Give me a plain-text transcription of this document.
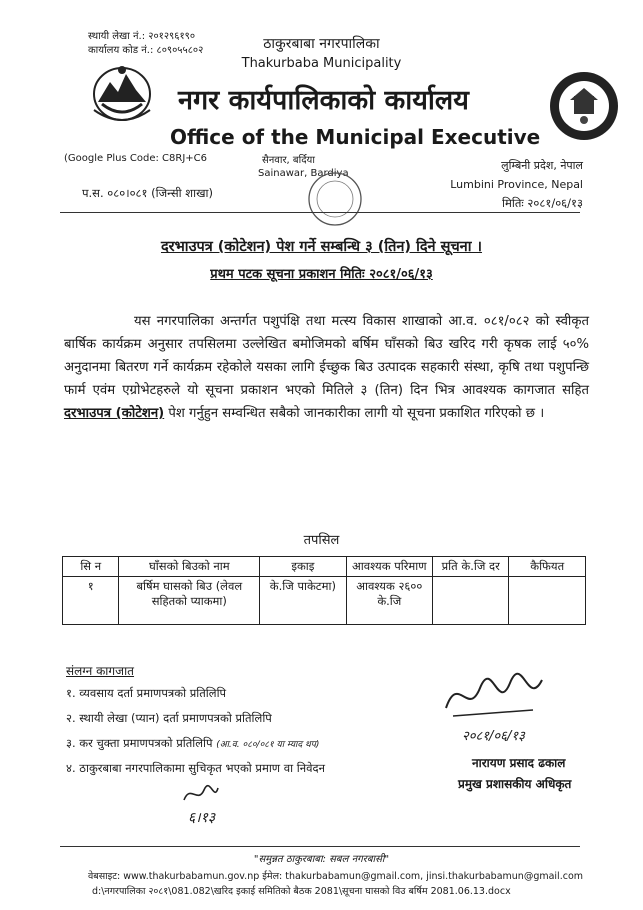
स्थायी लेखा नं.: २०१२९६१९०
कार्यालय कोड नं.: ८०९०५५८०२	ठाकुरबाबा नगरपालिका
Thakurbaba Municipality
नगर कार्यपालिकाको कार्यालय
Office of the Municipal Executive
(Google Plus Code: C8RJ+C6	सैनवार, बर्दिया
Sainawar, Bardiya
लुम्बिनी प्रदेश, नेपाल
Lumbini Province, Nepal
प.स. ०८०।०८१ (जिन्सी शाखा)
मितिः २०८१/०६/१३
दरभाउपत्र (कोटेशन) पेश गर्ने सम्बन्धि ३ (तिन) दिने सूचना ।
प्रथम पटक सूचना प्रकाशन मितिः २०८१/०६/१३
यस नगरपालिका अन्तर्गत पशुपंक्षि तथा मत्स्य विकास शाखाको आ.व. ०८१/०८२ को स्वीकृत बार्षिक कार्यक्रम अनुसार तपसिलमा उल्लेखित बमोजिमको बर्षिम घाँसको बिउ खरिद गरी कृषक लाई ५०% अनुदानमा बितरण गर्ने कार्यक्रम रहेकोले यसका लागि ईच्छुक बिउ उत्पादक सहकारी संस्था, कृषि तथा पशुपन्छि फार्म एवंम एग्रोभेटहरुले यो सूचना प्रकाशन भएको मितिले ३ (तिन) दिन भित्र आवश्यक कागजात सहित दरभाउपत्र (कोटेशन) पेश गर्नुहुन सम्वन्धित सबैको जानकारीका लागी यो सूचना प्रकाशित गरिएको छ ।
तपसिल
सि न	घाँसको बिउको नाम	इकाइ	आवश्यक परिमाण	प्रति के.जि दर	कैफियत
१	बर्षिम घासको बिउ (लेवल सहितको प्याकमा)	के.जि पाकेटमा)	आवश्यक २६०० के.जि		
संलग्न कागजात
१. व्यवसाय दर्ता प्रमाणपत्रको प्रतिलिपि
२. स्थायी लेखा (प्यान) दर्ता प्रमाणपत्रको प्रतिलिपि
३. कर चुक्ता प्रमाणपत्रको प्रतिलिपि (आ.व. ०८०/०८१ या म्याद थप)
४. ठाकुरबाबा नगरपालिकामा सुचिकृत भएको प्रमाण वा निवेदन
२०८१/०६/१३
नारायण प्रसाद ढकाल
प्रमुख प्रशासकीय अधिकृत
६।१३
"समुन्नत ठाकुरबाबा: सबल नगरबासी"
वेबसाइट: www.thakurbabamun.gov.np ईमेल: thakurbabamun@gmail.com, jinsi.thakurbabamun@gmail.com
d:\नगरपालिका २०८१\081.082\खरिद इकाई समितिको बैठक 2081\सूचना घासको विउ बर्षिम 2081.06.13.docx
